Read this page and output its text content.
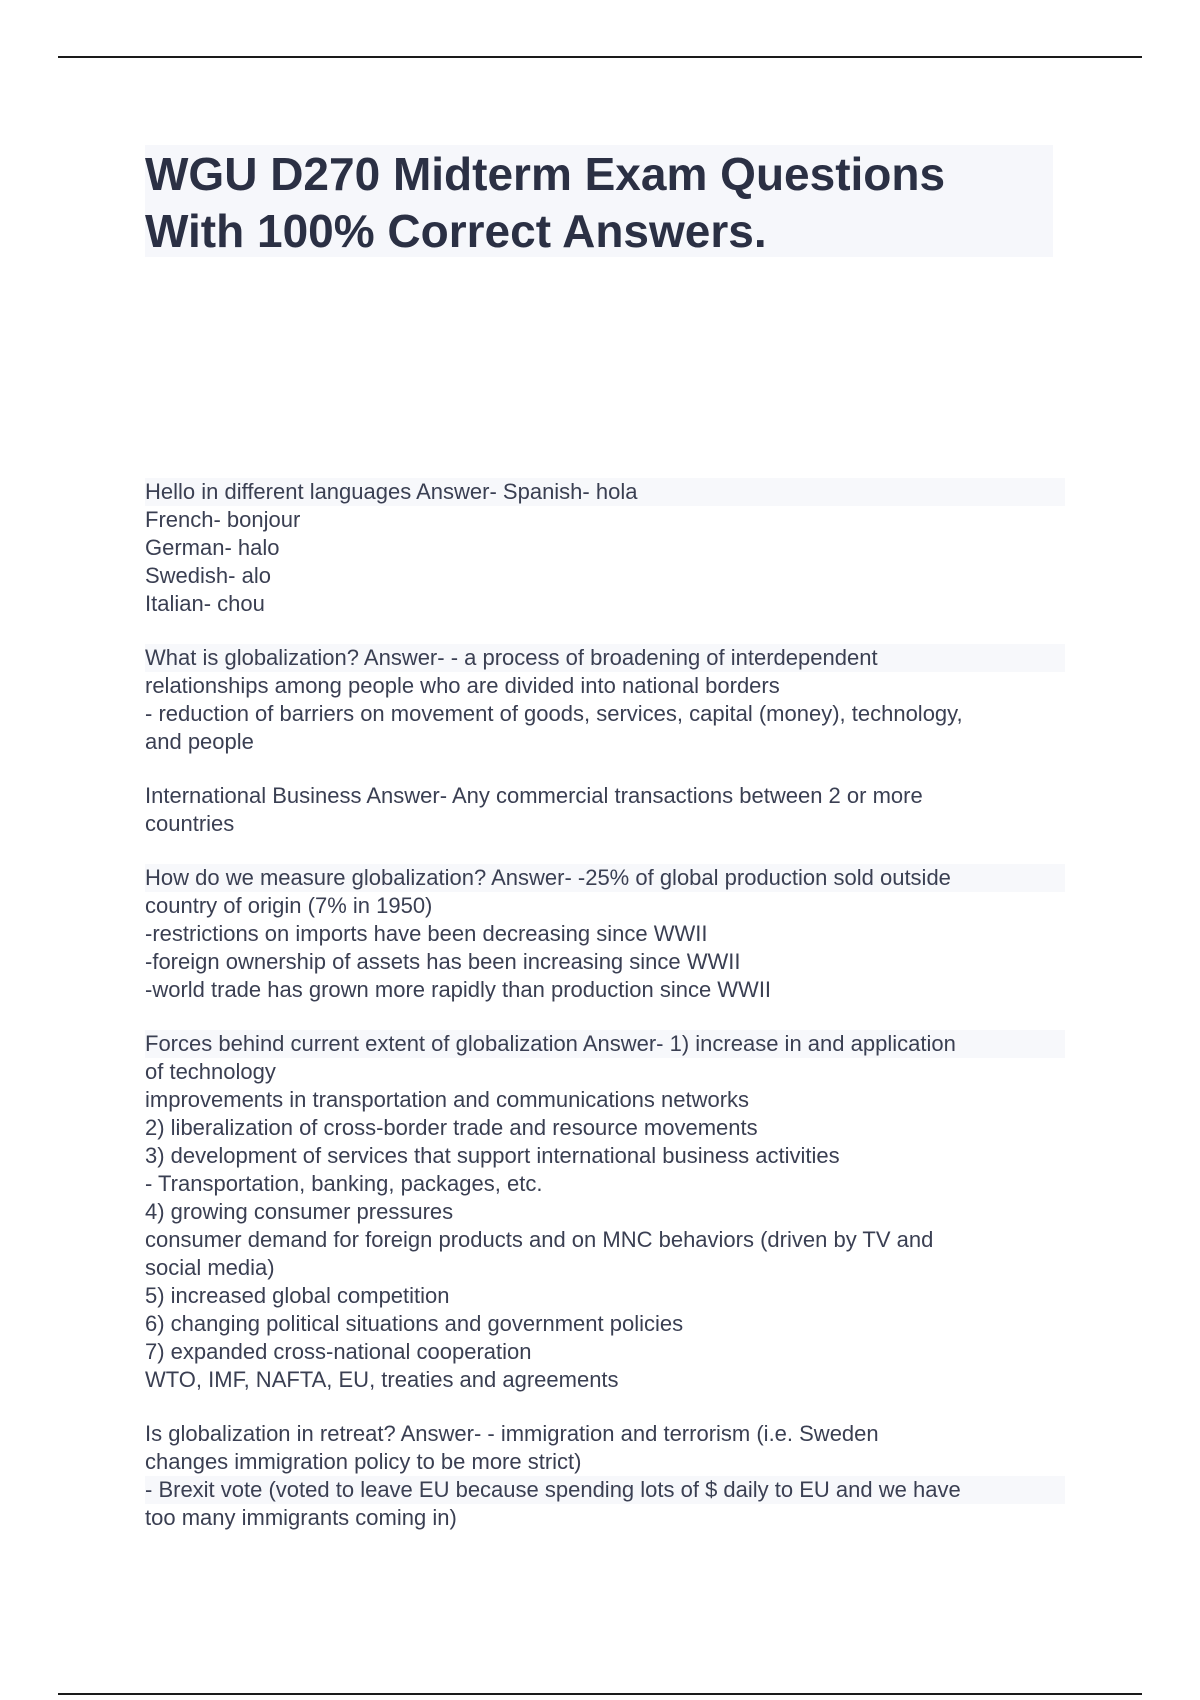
WGU D270 Midterm Exam Questions
With 100% Correct Answers.
Hello in different languages Answer- Spanish- hola
French- bonjour
German- halo
Swedish- alo
Italian- chou
What is globalization? Answer- - a process of broadening of interdependent
relationships among people who are divided into national borders
- reduction of barriers on movement of goods, services, capital (money), technology,
and people
International Business Answer- Any commercial transactions between 2 or more
countries
How do we measure globalization? Answer- -25% of global production sold outside
country of origin (7% in 1950)
-restrictions on imports have been decreasing since WWII
-foreign ownership of assets has been increasing since WWII
-world trade has grown more rapidly than production since WWII
Forces behind current extent of globalization Answer- 1) increase in and application
of technology
improvements in transportation and communications networks
2) liberalization of cross-border trade and resource movements
3) development of services that support international business activities
- Transportation, banking, packages, etc.
4) growing consumer pressures
consumer demand for foreign products and on MNC behaviors (driven by TV and
social media)
5) increased global competition
6) changing political situations and government policies
7) expanded cross-national cooperation
WTO, IMF, NAFTA, EU, treaties and agreements
Is globalization in retreat? Answer- - immigration and terrorism (i.e. Sweden
changes immigration policy to be more strict)
- Brexit vote (voted to leave EU because spending lots of $ daily to EU and we have
too many immigrants coming in)
